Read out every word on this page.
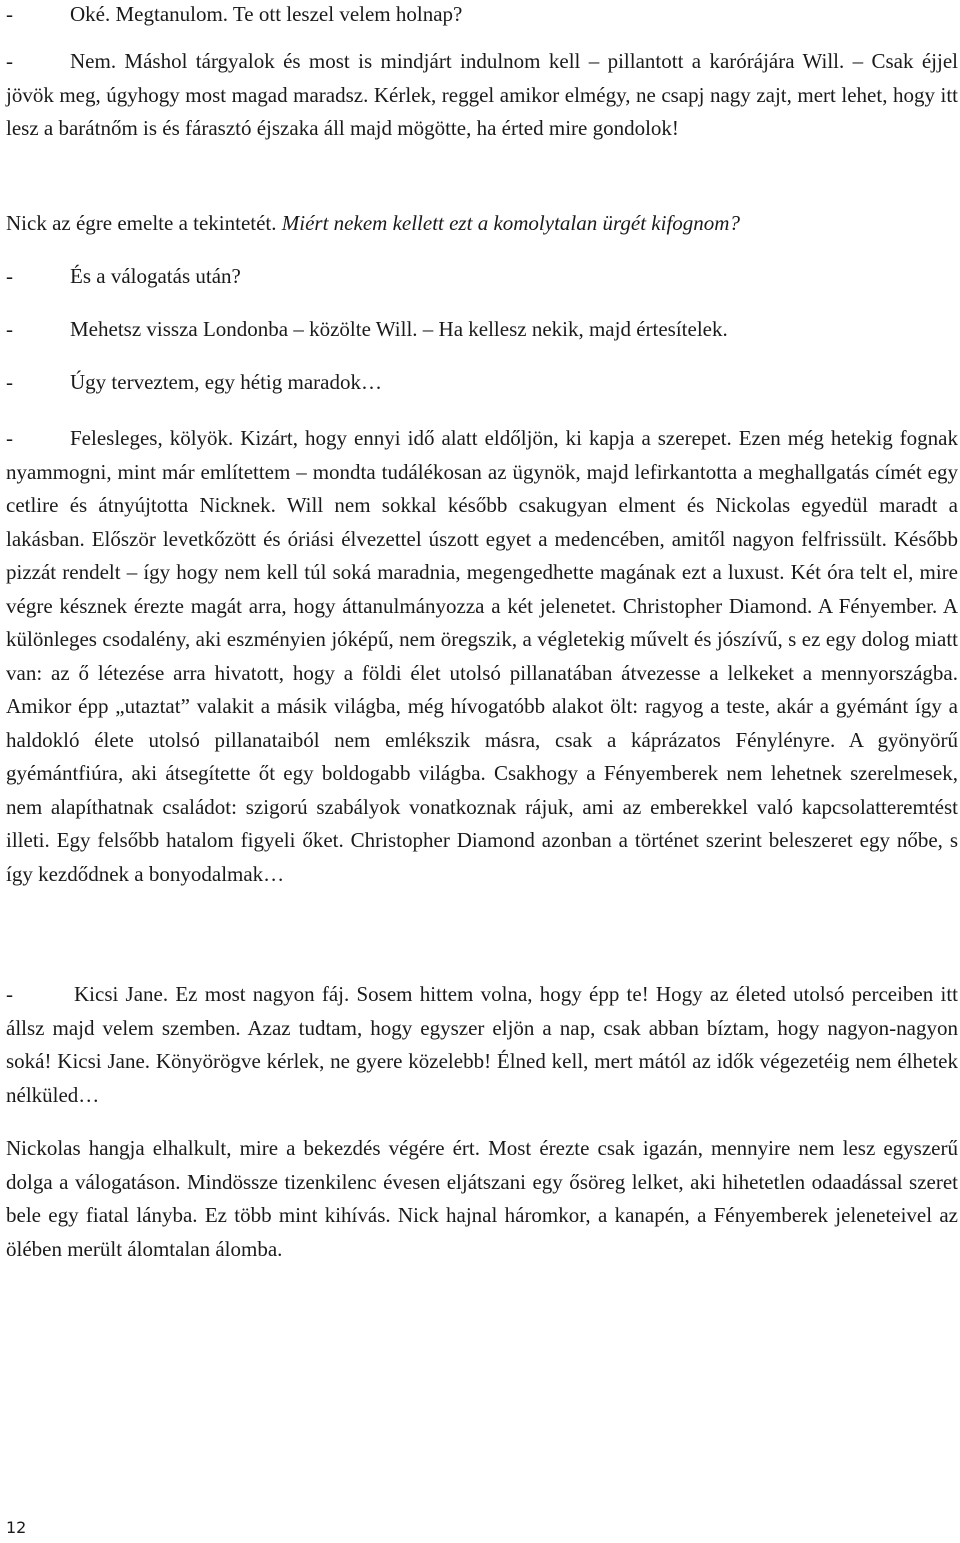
-	Oké. Megtanulom. Te ott leszel velem holnap?

-	Nem. Máshol tárgyalok és most is mindjárt indulnom kell – pillantott a karórájára Will. – Csak éjjel jövök meg, úgyhogy most magad maradsz. Kérlek, reggel amikor elmégy, ne csapj nagy zajt, mert lehet, hogy itt lesz a barátnőm is és fárasztó éjszaka áll majd mögötte, ha érted mire gondolok!

Nick az égre emelte a tekintetét. Miért nekem kellett ezt a komolytalan ürgét kifognom?

-	És a válogatás után?

-	Mehetsz vissza Londonba – közölte Will. – Ha kellesz nekik, majd értesítelek.

-	Úgy terveztem, egy hétig maradok…

-	Felesleges, kölyök. Kizárt, hogy ennyi idő alatt eldőljön, ki kapja a szerepet. Ezen még hetekig fognak nyammogni, mint már említettem – mondta tudálékosan az ügynök, majd lefirkantotta a meghallgatás címét egy cetlire és átnyújtotta Nicknek. Will nem sokkal később csakugyan elment és Nickolas egyedül maradt a lakásban. Először levetkőzött és óriási élvezettel úszott egyet a medencében, amitől nagyon felfrissült. Később pizzát rendelt – így hogy nem kell túl soká maradnia, megengedhette magának ezt a luxust. Két óra telt el, mire végre késznek érezte magát arra, hogy áttanulmányozza a két jelenetet. Christopher Diamond. A Fényember. A különleges csodalény, aki eszményien jóképű, nem öregszik, a végletekig művelt és jószívű, s ez egy dolog miatt van: az ő létezése arra hivatott, hogy a földi élet utolsó pillanatában átvezesse a lelkeket a mennyországba. Amikor épp „utaztat” valakit a másik világba, még hívogatóbb alakot ölt: ragyog a teste, akár a gyémánt így a haldokló élete utolsó pillanataiból nem emlékszik másra, csak a káprázatos Fénylényre. A gyönyörű gyémántfiúra, aki átsegítette őt egy boldogabb világba. Csakhogy a Fényemberek nem lehetnek szerelmesek, nem alapíthatnak családot: szigorú szabályok vonatkoznak rájuk, ami az emberekkel való kapcsolatteremtést illeti. Egy felsőbb hatalom figyeli őket. Christopher Diamond azonban a történet szerint beleszeret egy nőbe, s így kezdődnek a bonyodalmak…

-	Kicsi Jane. Ez most nagyon fáj. Sosem hittem volna, hogy épp te! Hogy az életed utolsó perceiben itt állsz majd velem szemben. Azaz tudtam, hogy egyszer eljön a nap, csak abban bíztam, hogy nagyon-nagyon soká! Kicsi Jane. Könyörögve kérlek, ne gyere közelebb! Élned kell, mert mától az idők végezetéig nem élhetek nélküled…

Nickolas hangja elhalkult, mire a bekezdés végére ért. Most érezte csak igazán, mennyire nem lesz egyszerű dolga a válogatáson. Mindössze tizenkilenc évesen eljátszani egy ősöreg lelket, aki hihetetlen odaadással szeret bele egy fiatal lányba. Ez több mint kihívás. Nick hajnal háromkor, a kanapén, a Fényemberek jeleneteivel az ölében merült álomtalan álomba.

12
